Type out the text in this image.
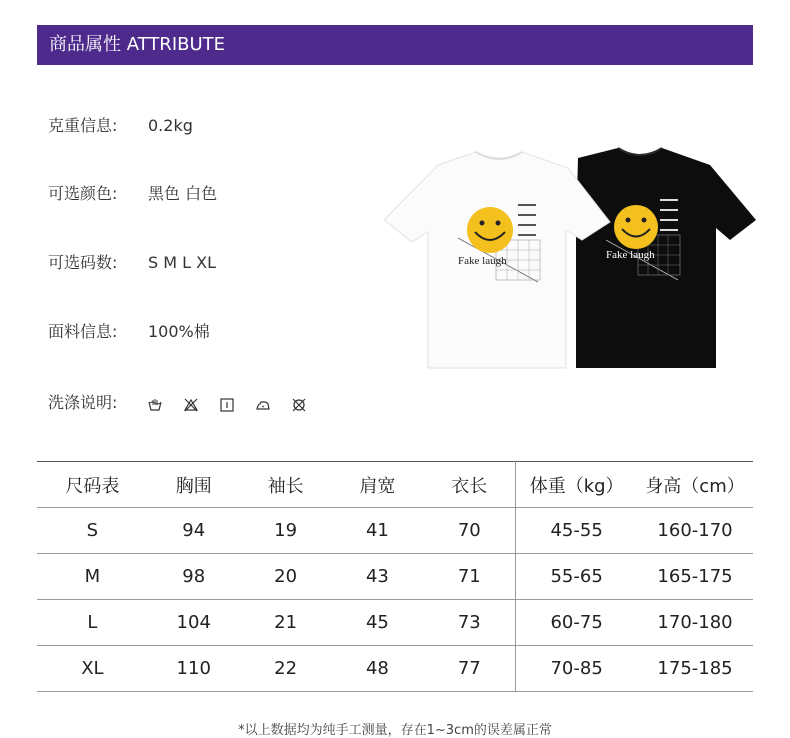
商品属性 ATTRIBUTE
克重信息: 0.2kg
可选颜色: 黑色 白色
可选码数: S M L XL
面料信息: 100%棉
洗涤说明:

Fake laugh
Fake laugh
尺码表	胸围	袖长	肩宽	衣长	体重（kg）	身高（cm）
S	94	19	41	70	45-55	160-170
M	98	20	43	71	55-65	165-175
L	104	21	45	73	60-75	170-180
XL	110	22	48	77	70-85	175-185
*以上数据均为纯手工测量，存在1~3cm的误差属正常
